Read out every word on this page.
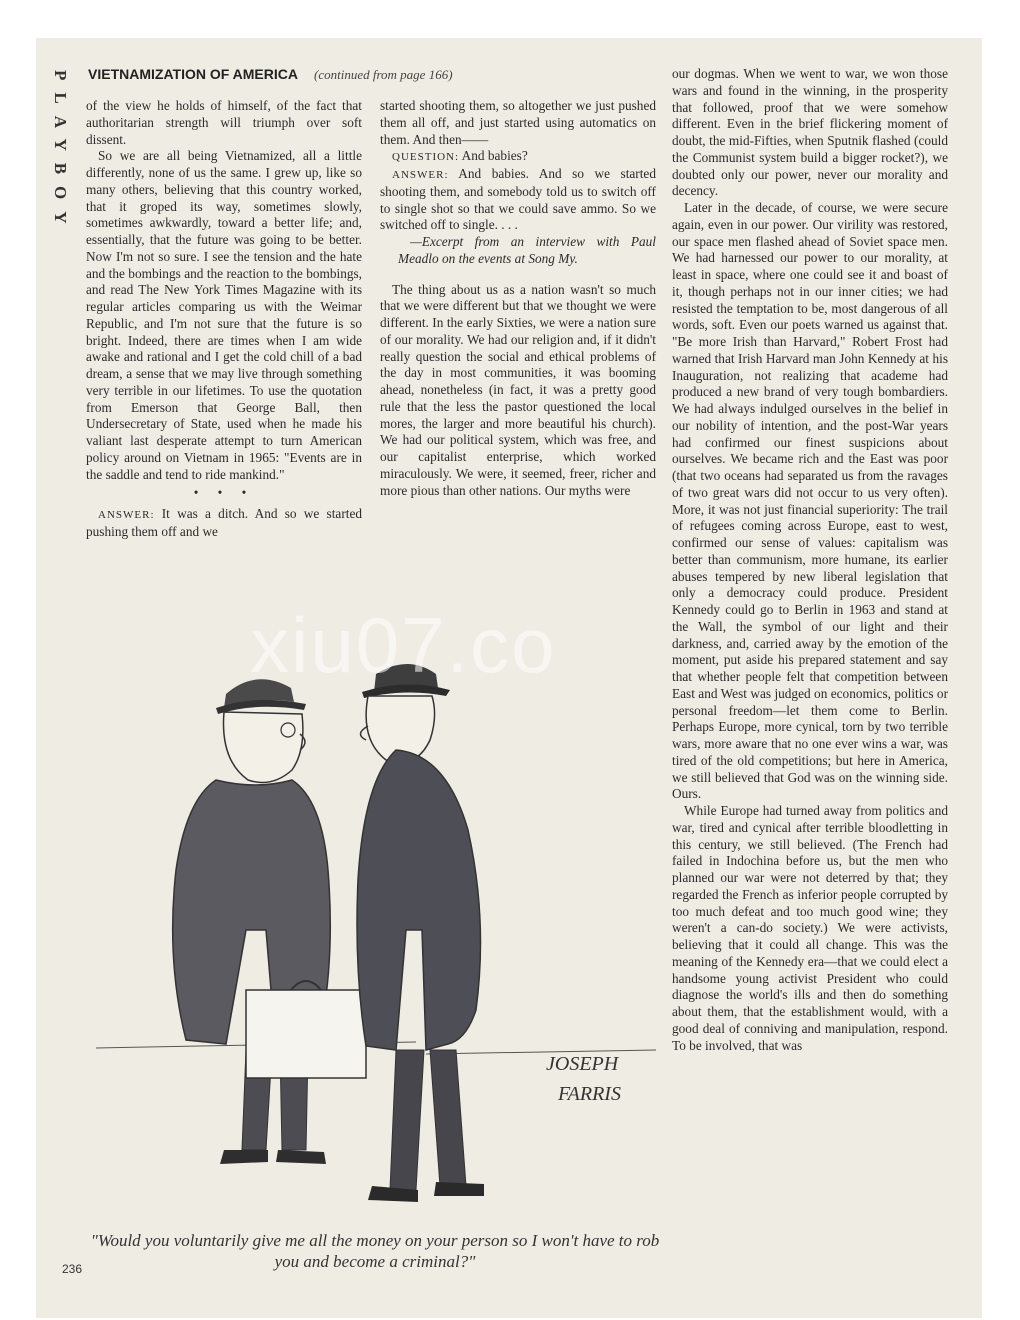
PLAYBOY VIETNAMIZATION OF AMERICA (continued from page 166)

of the view he holds of himself, of the fact that authoritarian strength will triumph over soft dissent.

So we are all being Vietnamized, all a little differently, none of us the same. I grew up, like so many others, believing that this country worked, that it groped its way, sometimes slowly, sometimes awkwardly, toward a better life; and, essentially, that the future was going to be better. Now I'm not so sure. I see the tension and the hate and the bombings and the reaction to the bombings, and read The New York Times Magazine with its regular articles comparing us with the Weimar Republic, and I'm not sure that the future is so bright. Indeed, there are times when I am wide awake and rational and I get the cold chill of a bad dream, a sense that we may live through something very terrible in our lifetimes. To use the quotation from Emerson that George Ball, then Undersecretary of State, used when he made his valiant last desperate attempt to turn American policy around on Vietnam in 1965: "Events are in the saddle and tend to ride mankind."

• • •

ANSWER: It was a ditch. And so we started pushing them off and we

started shooting them, so altogether we just pushed them all off, and just started using automatics on them. And then——

QUESTION: And babies?

ANSWER: And babies. And so we started shooting them, and somebody told us to switch off to single shot so that we could save ammo. So we switched off to single. . . .

—Excerpt from an interview with Paul Meadlo on the events at Song My.

The thing about us as a nation wasn't so much that we were different but that we thought we were different. In the early Sixties, we were a nation sure of our morality. We had our religion and, if it didn't really question the social and ethical problems of the day in most communities, it was booming ahead, nonetheless (in fact, it was a pretty good rule that the less the pastor questioned the local mores, the larger and more beautiful his church). We had our political system, which was free, and our capitalist enterprise, which worked miraculously. We were, it seemed, freer, richer and more pious than other nations. Our myths were

our dogmas. When we went to war, we won those wars and found in the winning, in the prosperity that followed, proof that we were somehow different. Even in the brief flickering moment of doubt, the mid-Fifties, when Sputnik flashed (could the Communist system build a bigger rocket?), we doubted only our power, never our morality and decency.

Later in the decade, of course, we were secure again, even in our power. Our virility was restored, our space men flashed ahead of Soviet space men. We had harnessed our power to our morality, at least in space, where one could see it and boast of it, though perhaps not in our inner cities; we had resisted the temptation to be, most dangerous of all words, soft. Even our poets warned us against that. "Be more Irish than Harvard," Robert Frost had warned that Irish Harvard man John Kennedy at his Inauguration, not realizing that academe had produced a new brand of very tough bombardiers. We had always indulged ourselves in the belief in our nobility of intention, and the post-War years had confirmed our finest suspicions about ourselves. We became rich and the East was poor (that two oceans had separated us from the ravages of two great wars did not occur to us very often). More, it was not just financial superiority: The trail of refugees coming across Europe, east to west, confirmed our sense of values: capitalism was better than communism, more humane, its earlier abuses tempered by new liberal legislation that only a democracy could produce. President Kennedy could go to Berlin in 1963 and stand at the Wall, the symbol of our light and their darkness, and, carried away by the emotion of the moment, put aside his prepared statement and say that whether people felt that competition between East and West was judged on economics, politics or personal freedom—let them come to Berlin. Perhaps Europe, more cynical, torn by two terrible wars, more aware that no one ever wins a war, was tired of the old competitions; but here in America, we still believed that God was on the winning side. Ours.

While Europe had turned away from politics and war, tired and cynical after terrible bloodletting in this century, we still believed. (The French had failed in Indochina before us, but the men who planned our war were not deterred by that; they regarded the French as inferior people corrupted by too much defeat and too much good wine; they weren't a can-do society.) We were activists, believing that it could all change. This was the meaning of the Kennedy era—that we could elect a handsome young activist President who could diagnose the world's ills and then do something about them, that the establishment would, with a good deal of conniving and manipulation, respond. To be involved, that was

JOSEPH
FARRIS
"Would you voluntarily give me all the money on your person so I won't have to rob you and become a criminal?"
236
xiu07.co
